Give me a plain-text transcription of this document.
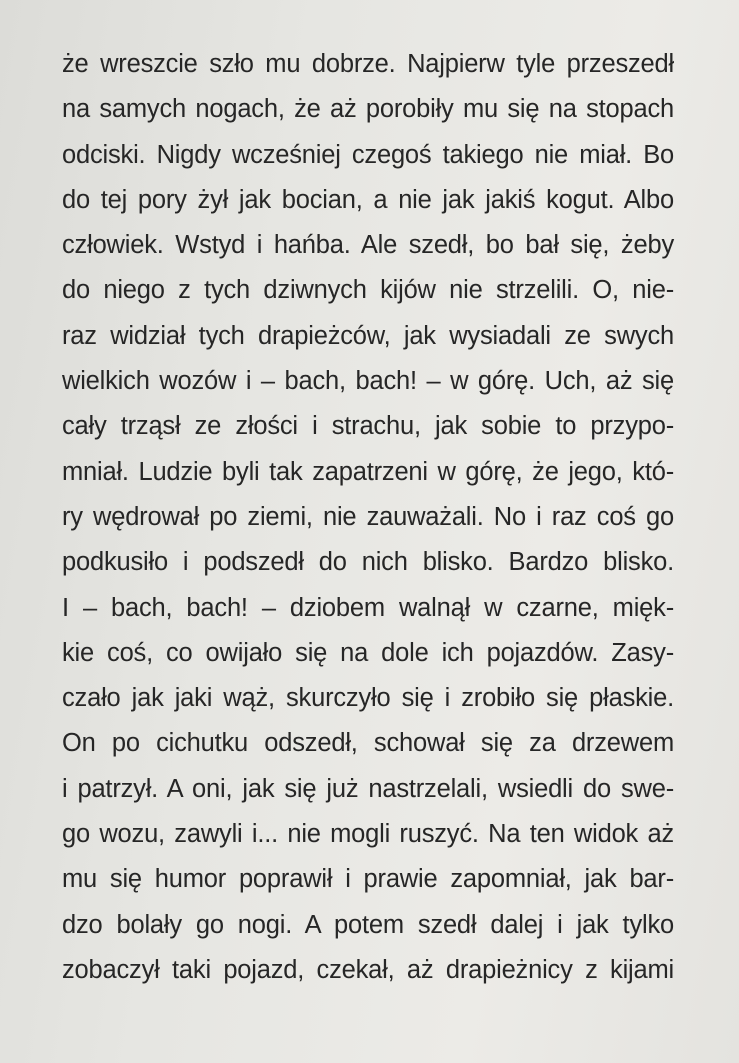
że wreszcie szło mu dobrze. Najpierw tyle przeszedł
na samych nogach, że aż porobiły mu się na stopach
odciski. Nigdy wcześniej czegoś takiego nie miał. Bo
do tej pory żył jak bocian, a nie jak jakiś kogut. Albo
człowiek. Wstyd i hańba. Ale szedł, bo bał się, żeby
do niego z tych dziwnych kijów nie strzelili. O, nie-
raz widział tych drapieżców, jak wysiadali ze swych
wielkich wozów i – bach, bach! – w górę. Uch, aż się
cały trząsł ze złości i strachu, jak sobie to przypo-
mniał. Ludzie byli tak zapatrzeni w górę, że jego, któ-
ry wędrował po ziemi, nie zauważali. No i raz coś go
podkusiło i podszedł do nich blisko. Bardzo blisko.
I – bach, bach! – dziobem walnął w czarne, mięk-
kie coś, co owijało się na dole ich pojazdów. Zasy-
czało jak jaki wąż, skurczyło się i zrobiło się płaskie.
On po cichutku odszedł, schował się za drzewem
i patrzył. A oni, jak się już nastrzelali, wsiedli do swe-
go wozu, zawyli i... nie mogli ruszyć. Na ten widok aż
mu się humor poprawił i prawie zapomniał, jak bar-
dzo bolały go nogi. A potem szedł dalej i jak tylko
zobaczył taki pojazd, czekał, aż drapieżnicy z kijami
